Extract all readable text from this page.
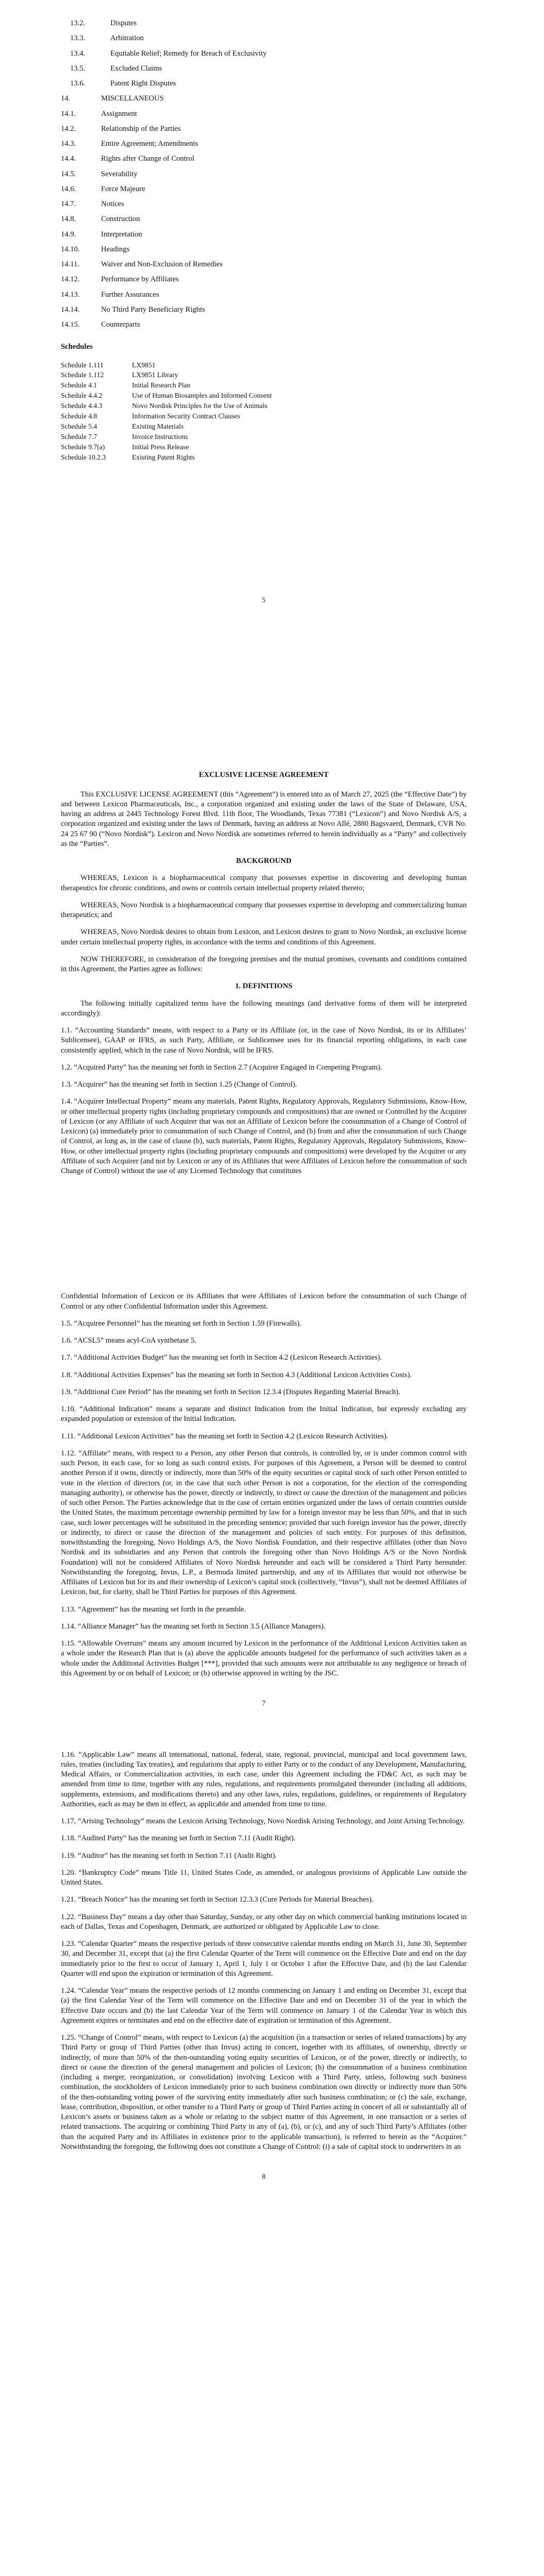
13.2.	Disputes
13.3.	Arbitration
13.4.	Equitable Relief; Remedy for Breach of Exclusivity
13.5.	Excluded Claims
13.6.	Patent Right Disputes
14.	MISCELLANEOUS
14.1.	Assignment
14.2.	Relationship of the Parties
14.3.	Entire Agreement; Amendments
14.4.	Rights after Change of Control
14.5.	Severability
14.6.	Force Majeure
14.7.	Notices
14.8.	Construction
14.9.	Interpretation
14.10.	Headings
14.11.	Waiver and Non-Exclusion of Remedies
14.12.	Performance by Affiliates
14.13.	Further Assurances
14.14.	No Third Party Beneficiary Rights
14.15.	Counterparts
Schedules
Schedule 1.111	LX9851
Schedule 1.112	LX9851 Library
Schedule 4.1	Initial Research Plan
Schedule 4.4.2	Use of Human Biosamples and Informed Consent
Schedule 4.4.3	Novo Nordisk Principles for the Use of Animals
Schedule 4.8	Information Security Contract Clauses
Schedule 5.4	Existing Materials
Schedule 7.7	Invoice Instructions
Schedule 9.7(a)	Initial Press Release
Schedule 10.2.3	Existing Patent Rights
5
EXCLUSIVE LICENSE AGREEMENT

This EXCLUSIVE LICENSE AGREEMENT (this “Agreement”) is entered into as of March 27, 2025 (the “Effective Date”) by and between Lexicon Pharmaceuticals, Inc., a corporation organized and existing under the laws of the State of Delaware, USA, having an address at 2445 Technology Forest Blvd. 11th floor, The Woodlands, Texas 77381 (“Lexicon”) and Novo Nordisk A/S, a corporation organized and existing under the laws of Denmark, having an address at Novo Allé, 2880 Bagsvaerd, Denmark, CVR No. 24 25 67 90 (“Novo Nordisk”). Lexicon and Novo Nordisk are sometimes referred to herein individually as a “Party” and collectively as the “Parties”.

BACKGROUND

WHEREAS, Lexicon is a biopharmaceutical company that possesses expertise in discovering and developing human therapeutics for chronic conditions, and owns or controls certain intellectual property related thereto;

WHEREAS, Novo Nordisk is a biopharmaceutical company that possesses expertise in developing and commercializing human therapeutics; and

WHEREAS, Novo Nordisk desires to obtain from Lexicon, and Lexicon desires to grant to Novo Nordisk, an exclusive license under certain intellectual property rights, in accordance with the terms and conditions of this Agreement.

NOW THEREFORE, in consideration of the foregoing premises and the mutual promises, covenants and conditions contained in this Agreement, the Parties agree as follows:

1. DEFINITIONS

The following initially capitalized terms have the following meanings (and derivative forms of them will be interpreted accordingly):

1.1. “Accounting Standards” means, with respect to a Party or its Affiliate (or, in the case of Novo Nordisk, its or its Affiliates’ Sublicensee), GAAP or IFRS, as such Party, Affiliate, or Sublicensee uses for its financial reporting obligations, in each case consistently applied, which in the case of Novo Nordisk, will be IFRS.

1.2. “Acquired Party” has the meaning set forth in Section 2.7 (Acquirer Engaged in Competing Program).

1.3. “Acquirer” has the meaning set forth in Section 1.25 (Change of Control).

1.4. “Acquirer Intellectual Property” means any materials, Patent Rights, Regulatory Approvals, Regulatory Submissions, Know-How, or other intellectual property rights (including proprietary compounds and compositions) that are owned or Controlled by the Acquirer of Lexicon (or any Affiliate of such Acquirer that was not an Affiliate of Lexicon before the consummation of a Change of Control of Lexicon) (a) immediately prior to consummation of such Change of Control, and (b) from and after the consummation of such Change of Control, as long as, in the case of clause (b), such materials, Patent Rights, Regulatory Approvals, Regulatory Submissions, Know-How, or other intellectual property rights (including proprietary compounds and compositions) were developed by the Acquirer or any Affiliate of such Acquirer (and not by Lexicon or any of its Affiliates that were Affiliates of Lexicon before the consummation of such Change of Control) without the use of any Licensed Technology that constitutes

Confidential Information of Lexicon or its Affiliates that were Affiliates of Lexicon before the consummation of such Change of Control or any other Confidential Information under this Agreement.

1.5. “Acquiree Personnel” has the meaning set forth in Section 1.59 (Firewalls).

1.6. “ACSL5” means acyl-CoA synthetase 5.

1.7. “Additional Activities Budget” has the meaning set forth in Section 4.2 (Lexicon Research Activities).

1.8. “Additional Activities Expenses” has the meaning set forth in Section 4.3 (Additional Lexicon Activities Costs).

1.9. “Additional Cure Period” has the meaning set forth in Section 12.3.4 (Disputes Regarding Material Breach).

1.10. “Additional Indication” means a separate and distinct Indication from the Initial Indication, but expressly excluding any expanded population or extension of the Initial Indication.

1.11. “Additional Lexicon Activities” has the meaning set forth in Section 4.2 (Lexicon Research Activities).

1.12. “Affiliate” means, with respect to a Person, any other Person that controls, is controlled by, or is under common control with such Person, in each case, for so long as such control exists. For purposes of this Agreement, a Person will be deemed to control another Person if it owns, directly or indirectly, more than 50% of the equity securities or capital stock of such other Person entitled to vote in the election of directors (or, in the case that such other Person is not a corporation, for the election of the corresponding managing authority), or otherwise has the power, directly or indirectly, to direct or cause the direction of the management and policies of such other Person. The Parties acknowledge that in the case of certain entities organized under the laws of certain countries outside the United States, the maximum percentage ownership permitted by law for a foreign investor may be less than 50%, and that in such case, such lower percentages will be substituted in the preceding sentence; provided that such foreign investor has the power, directly or indirectly, to direct or cause the direction of the management and policies of such entity. For purposes of this definition, notwithstanding the foregoing, Novo Holdings A/S, the Novo Nordisk Foundation, and their respective affiliates (other than Novo Nordisk and its subsidiaries and any Person that controls the foregoing other than Novo Holdings A/S or the Novo Nordisk Foundation) will not be considered Affiliates of Novo Nordisk hereunder and each will be considered a Third Party hereunder. Notwithstanding the foregoing, Invus, L.P., a Bermuda limited partnership, and any of its Affiliates that would not otherwise be Affiliates of Lexicon but for its and their ownership of Lexicon’s capital stock (collectively, “Invus”), shall not be deemed Affiliates of Lexicon, but, for clarity, shall be Third Parties for purposes of this Agreement.

1.13. “Agreement” has the meaning set forth in the preamble.

1.14. “Alliance Manager” has the meaning set forth in Section 3.5 (Alliance Managers).

1.15. “Allowable Overruns” means any amount incurred by Lexicon in the performance of the Additional Lexicon Activities taken as a whole under the Research Plan that is (a) above the applicable amounts budgeted for the performance of such activities taken as a whole under the Additional Activities Budget [***], provided that such amounts were not attributable to any negligence or breach of this Agreement by or on behalf of Lexicon; or (b) otherwise approved in writing by the JSC.

7

1.16. “Applicable Law” means all international, national, federal, state, regional, provincial, municipal and local government laws, rules, treaties (including Tax treaties), and regulations that apply to either Party or to the conduct of any Development, Manufacturing, Medical Affairs, or Commercialization activities, in each case, under this Agreement including the FD&C Act, as such may be amended from time to time, together with any rules, regulations, and requirements promulgated thereunder (including all additions, supplements, extensions, and modifications thereto) and any other laws, rules, regulations, guidelines, or requirements of Regulatory Authorities, each as may be then in effect, as applicable and amended from time to time.

1.17. “Arising Technology” means the Lexicon Arising Technology, Novo Nordisk Arising Technology, and Joint Arising Technology.

1.18. “Audited Party” has the meaning set forth in Section 7.11 (Audit Right).

1.19. “Auditor” has the meaning set forth in Section 7.11 (Audit Right).

1.20. “Bankruptcy Code” means Title 11, United States Code, as amended, or analogous provisions of Applicable Law outside the United States.

1.21. “Breach Notice” has the meaning set forth in Section 12.3.3 (Cure Periods for Material Breaches).

1.22. “Business Day” means a day other than Saturday, Sunday, or any other day on which commercial banking institutions located in each of Dallas, Texas and Copenhagen, Denmark, are authorized or obligated by Applicable Law to close.

1.23. “Calendar Quarter” means the respective periods of three consecutive calendar months ending on March 31, June 30, September 30, and December 31, except that (a) the first Calendar Quarter of the Term will commence on the Effective Date and end on the day immediately prior to the first to occur of January 1, April 1, July 1 or October 1 after the Effective Date, and (b) the last Calendar Quarter will end upon the expiration or termination of this Agreement.

1.24. “Calendar Year” means the respective periods of 12 months commencing on January 1 and ending on December 31, except that (a) the first Calendar Year of the Term will commence on the Effective Date and end on December 31 of the year in which the Effective Date occurs and (b) the last Calendar Year of the Term will commence on January 1 of the Calendar Year in which this Agreement expires or terminates and end on the effective date of expiration or termination of this Agreement.

1.25. “Change of Control” means, with respect to Lexicon (a) the acquisition (in a transaction or series of related transactions) by any Third Party or group of Third Parties (other than Invus) acting in concert, together with its affiliates, of ownership, directly or indirectly, of more than 50% of the then-outstanding voting equity securities of Lexicon, or of the power, directly or indirectly, to direct or cause the direction of the general management and policies of Lexicon; (b) the consummation of a business combination (including a merger, reorganization, or consolidation) involving Lexicon with a Third Party, unless, following such business combination, the stockholders of Lexicon immediately prior to such business combination own directly or indirectly more than 50% of the then-outstanding voting power of the surviving entity immediately after such business combination; or (c) the sale, exchange, lease, contribution, disposition, or other transfer to a Third Party or group of Third Parties acting in concert of all or substantially all of Lexicon’s assets or business taken as a whole or relating to the subject matter of this Agreement, in one transaction or a series of related transactions. The acquiring or combining Third Party in any of (a), (b), or (c), and any of such Third Party’s Affiliates (other than the acquired Party and its Affiliates in existence prior to the applicable transaction), is referred to herein as the “Acquirer.” Notwithstanding the foregoing, the following does not constitute a Change of Control: (i) a sale of capital stock to underwriters in an

8
